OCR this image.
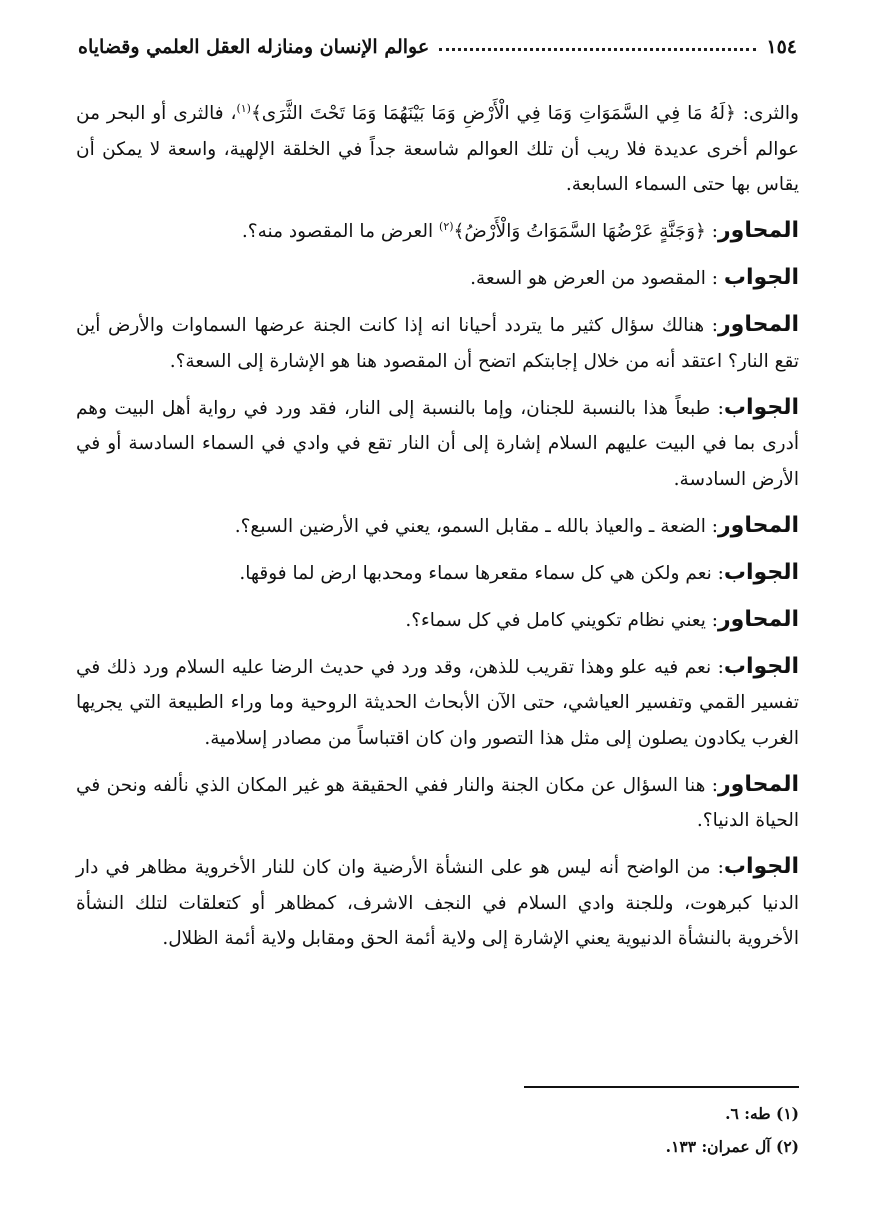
١٥٤
عوالم الإنسان ومنازله العقل العلمي وقضاياه

والثرى: ﴿لَهُ مَا فِي السَّمَوَاتِ وَمَا فِي الْأَرْضِ وَمَا بَيْنَهُمَا وَمَا تَحْتَ الثَّرَى﴾$^{(١)}$، فالثرى أو البحر من عوالم أخرى عديدة فلا ريب أن تلك العوالم شاسعة جداً في الخلقة الإلهية، واسعة لا يمكن أن يقاس بها حتى السماء السابعة.

المحاور: ﴿وَجَنَّةٍ عَرْضُهَا السَّمَوَاتُ وَالْأَرْضُ﴾$^{(٢)}$ العرض ما المقصود منه؟.

الجواب : المقصود من العرض هو السعة.

المحاور: هنالك سؤال كثير ما يتردد أحيانا انه إذا كانت الجنة عرضها السماوات والأرض أين تقع النار؟ اعتقد أنه من خلال إجابتكم اتضح أن المقصود هنا هو الإشارة إلى السعة؟.

الجواب: طبعاً هذا بالنسبة للجنان، وإما بالنسبة إلى النار، فقد ورد في رواية أهل البيت وهم أدرى بما في البيت عليهم السلام إشارة إلى أن النار تقع في وادي في السماء السادسة أو في الأرض السادسة.

المحاور: الضعة ـ والعياذ بالله ـ مقابل السمو، يعني في الأرضين السبع؟.

الجواب: نعم ولكن هي كل سماء مقعرها سماء ومحدبها ارض لما فوقها.

المحاور: يعني نظام تكويني كامل في كل سماء؟.

الجواب: نعم فيه علو وهذا تقريب للذهن، وقد ورد في حديث الرضا عليه السلام ورد ذلك في تفسير القمي وتفسير العياشي، حتى الآن الأبحاث الحديثة الروحية وما وراء الطبيعة التي يجريها الغرب يكادون يصلون إلى مثل هذا التصور وان كان اقتباساً من مصادر إسلامية.

المحاور: هنا السؤال عن مكان الجنة والنار ففي الحقيقة هو غير المكان الذي نألفه ونحن في الحياة الدنيا؟.

الجواب: من الواضح أنه ليس هو على النشأة الأرضية وان كان للنار الأخروية مظاهر في دار الدنيا كبرهوت، وللجنة وادي السلام في النجف الاشرف، كمظاهر أو كتعلقات لتلك النشأة الأخروية بالنشأة الدنيوية يعني الإشارة إلى ولاية أئمة الحق ومقابل ولاية أئمة الظلال.

(١) طه: ٦.
(٢) آل عمران: ١٣٣.
